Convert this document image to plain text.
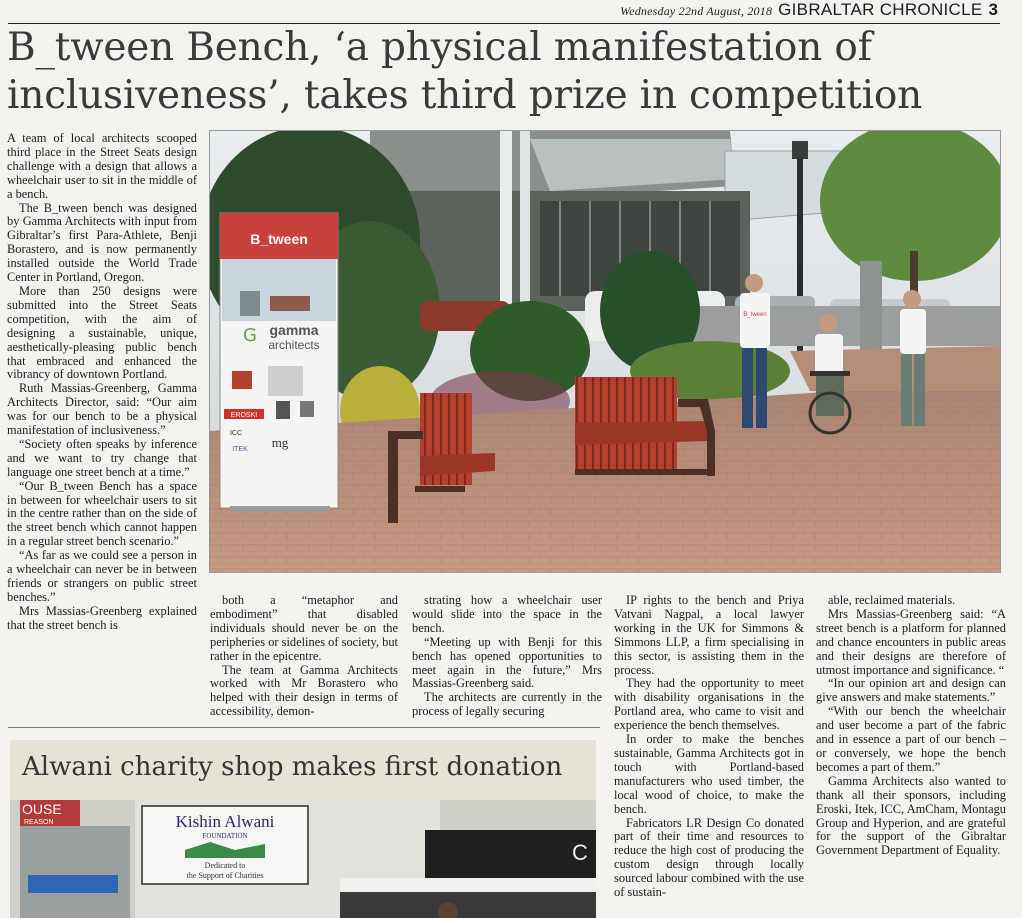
Wednesday 22nd August, 2018 GIBRALTAR CHRONICLE 3
B_tween Bench, ‘a physical manifestation of inclusiveness’, takes third prize in competition

A team of local architects scooped third place in the Street Seats design challenge with a design that allows a wheelchair user to sit in the middle of a bench.

The B_tween bench was designed by Gamma Architects with input from Gibraltar’s first Para-Athlete, Benji Borastero, and is now permanently installed outside the World Trade Center in Portland, Oregon.

More than 250 designs were submitted into the Street Seats competition, with the aim of designing a sustainable, unique, aesthetically-pleasing public bench that embraced and enhanced the vibrancy of downtown Portland.

Ruth Massias-Greenberg, Gamma Architects Director, said: “Our aim was for our bench to be a physical manifestation of inclusiveness.”

“Society often speaks by inference and we want to try change that language one street bench at a time.”

“Our B_tween Bench has a space in between for wheelchair users to sit in the centre rather than on the side of the street bench which cannot happen in a regular street bench scenario.”

“As far as we could see a person in a wheelchair can never be in between friends or strangers on public street benches.”

Mrs Massias-Greenberg explained that the street bench is

both a “metaphor and embodiment” that disabled individuals should never be on the peripheries or sidelines of society, but rather in the epicentre.

The team at Gamma Architects worked with Mr Borastero who helped with their design in terms of accessibility, demon-

strating how a wheelchair user would slide into the space in the bench.

“Meeting up with Benji for this bench has opened opportunities to meet again in the future,” Mrs Massias-Greenberg said.

The architects are currently in the process of legally securing

IP rights to the bench and Priya Vatvani Nagpal, a local lawyer working in the UK for Simmons & Simmons LLP, a firm specialising in this sector, is assisting them in the process.

They had the opportunity to meet with disability organisations in the Portland area, who came to visit and experience the bench themselves.

In order to make the benches sustainable, Gamma Architects got in touch with Portland-based manufacturers who used timber, the local wood of choice, to make the bench.

Fabricators LR Design Co donated part of their time and resources to reduce the high cost of producing the custom design through locally sourced labour combined with the use of sustain-

able, reclaimed materials.

Mrs Massias-Greenberg said: “A street bench is a platform for planned and chance encounters in public areas and their designs are therefore of utmost importance and significance. “

“In our opinion art and design can give answers and make statements.”

“With our bench the wheelchair and user become a part of the fabric and in essence a part of our bench – or conversely, we hope the bench becomes a part of them.”

Gamma Architects also wanted to thank all their sponsors, including Eroski, Itek, ICC, AmCham, Montagu Group and Hyperion, and are grateful for the support of the Gibraltar Government Department of Equality.

B_tween
gamma
architects
G
EROSKI
ICC
ITEK mg
B_tween
Alwani charity shop makes first donation
OUSE
REASON	Kishin Alwani
FOUNDATION
Dedicated to
the Support of Charities
C
